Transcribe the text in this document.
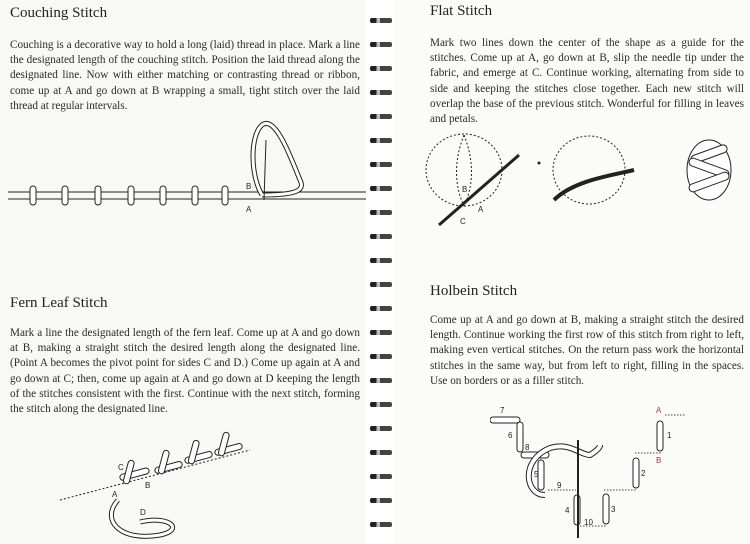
Couching Stitch

Couching is a decorative way to hold a long (laid) thread in place. Mark a line the designated length of the couching stitch. Position the laid thread along the designated line. Now with either matching or contrasting thread or ribbon, come up at A and go down at B wrapping a small, tight stitch over the laid thread at regular intervals.

B
A
Fern Leaf Stitch

Mark a line the designated length of the fern leaf. Come up at A and go down at B, making a straight stitch the desired length along the designated line. (Point A becomes the pivot point for sides C and D.) Come up again at A and go down at C; then, come up again at A and go down at D keeping the length of the stitches consistent with the first. Continue with the next stitch, forming the stitch along the designated line.

C
A
B
D
Flat Stitch

Mark two lines down the center of the shape as a guide for the stitches. Come up at A, go down at B, slip the needle tip under the fabric, and emerge at C. Continue working, alternating from side to side and keeping the stitches close together. Each new stitch will overlap the base of the previous stitch. Wonderful for filling in leaves and petals.

B
A
C
Holbein Stitch

Come up at A and go down at B, making a straight stitch the desired length. Continue working the first row of this stitch from right to left, making even vertical stitches. On the return pass work the horizontal stitches in the same way, but from left to right, filling in the spaces. Use on borders or as a filler stitch.

7
6
8
5
9
4
10
3
2
1
A
B
